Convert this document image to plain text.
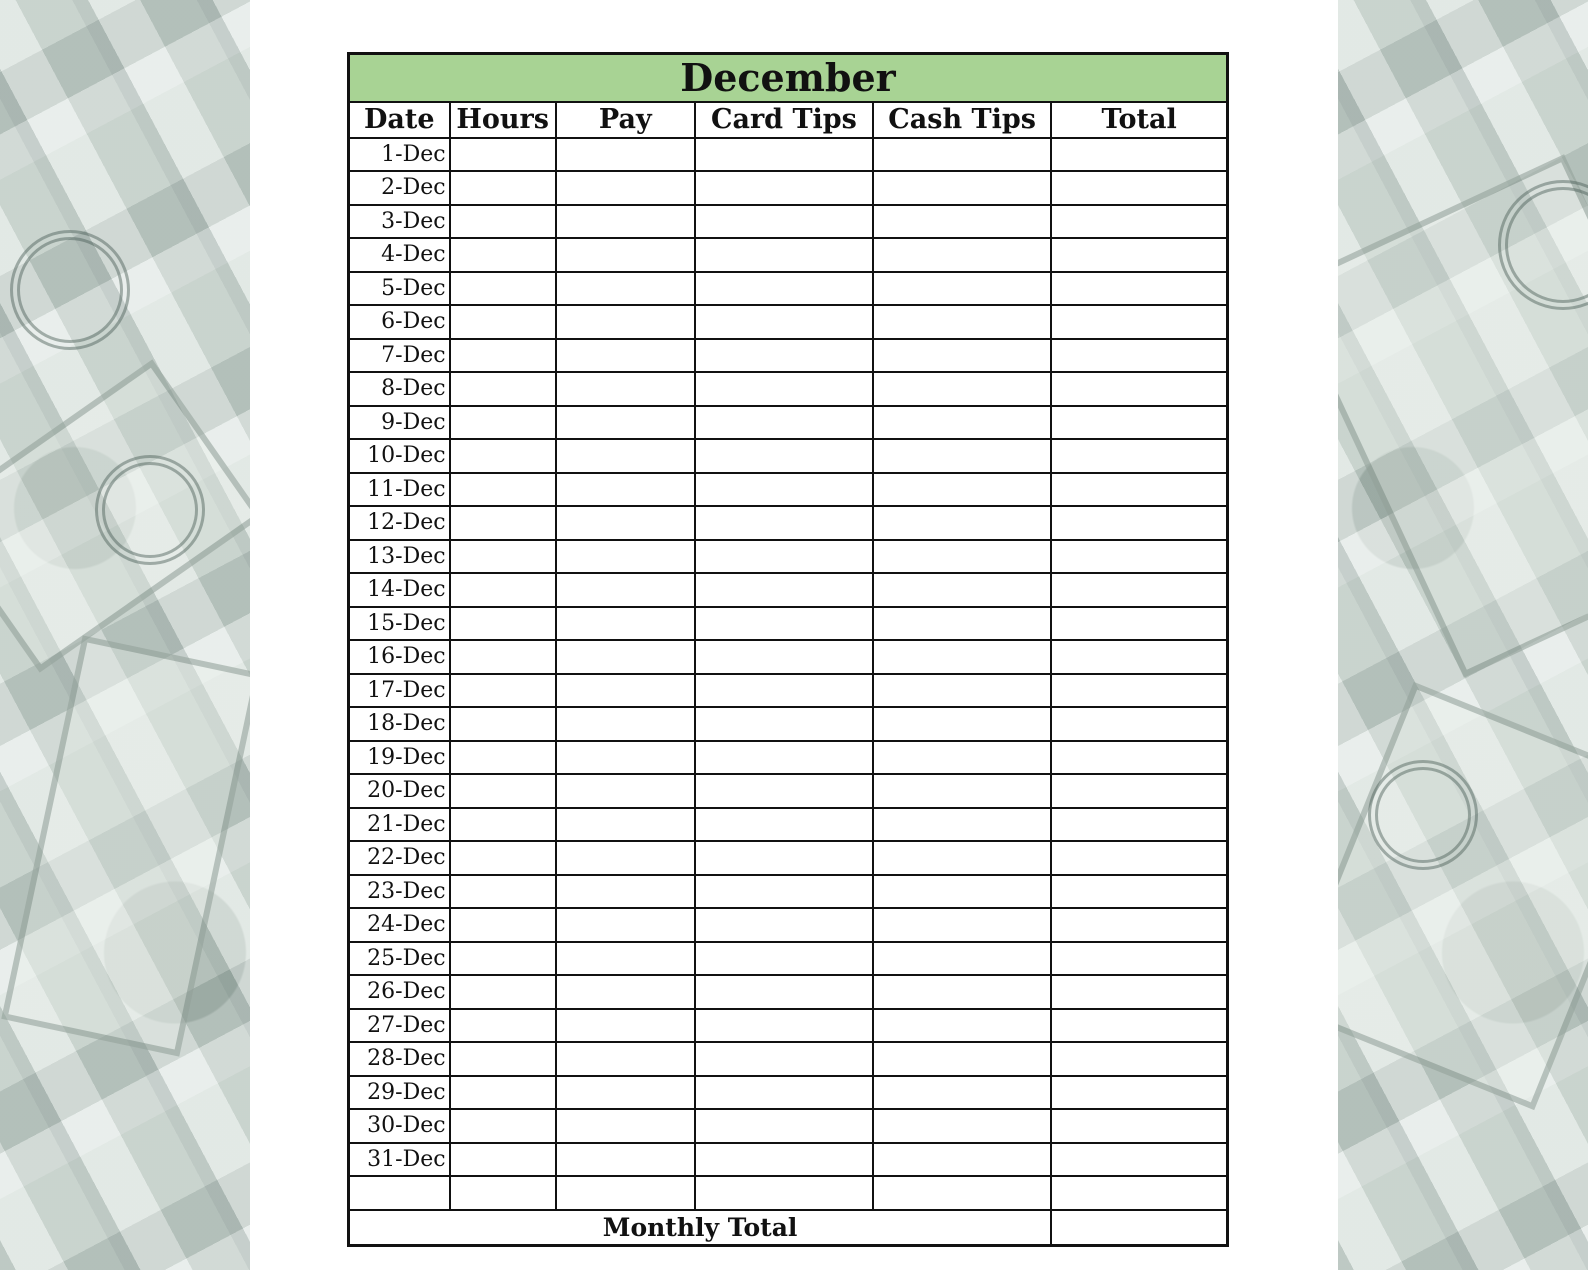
December					
Date	Hours	Pay	Card Tips	Cash Tips	Total
1-Dec					
2-Dec					
3-Dec					
4-Dec					
5-Dec					
6-Dec					
7-Dec					
8-Dec					
9-Dec					
10-Dec					
11-Dec					
12-Dec					
13-Dec					
14-Dec					
15-Dec					
16-Dec					
17-Dec					
18-Dec					
19-Dec					
20-Dec					
21-Dec					
22-Dec					
23-Dec					
24-Dec					
25-Dec					
26-Dec					
27-Dec					
28-Dec					
29-Dec					
30-Dec					
31-Dec					

Monthly Total					
